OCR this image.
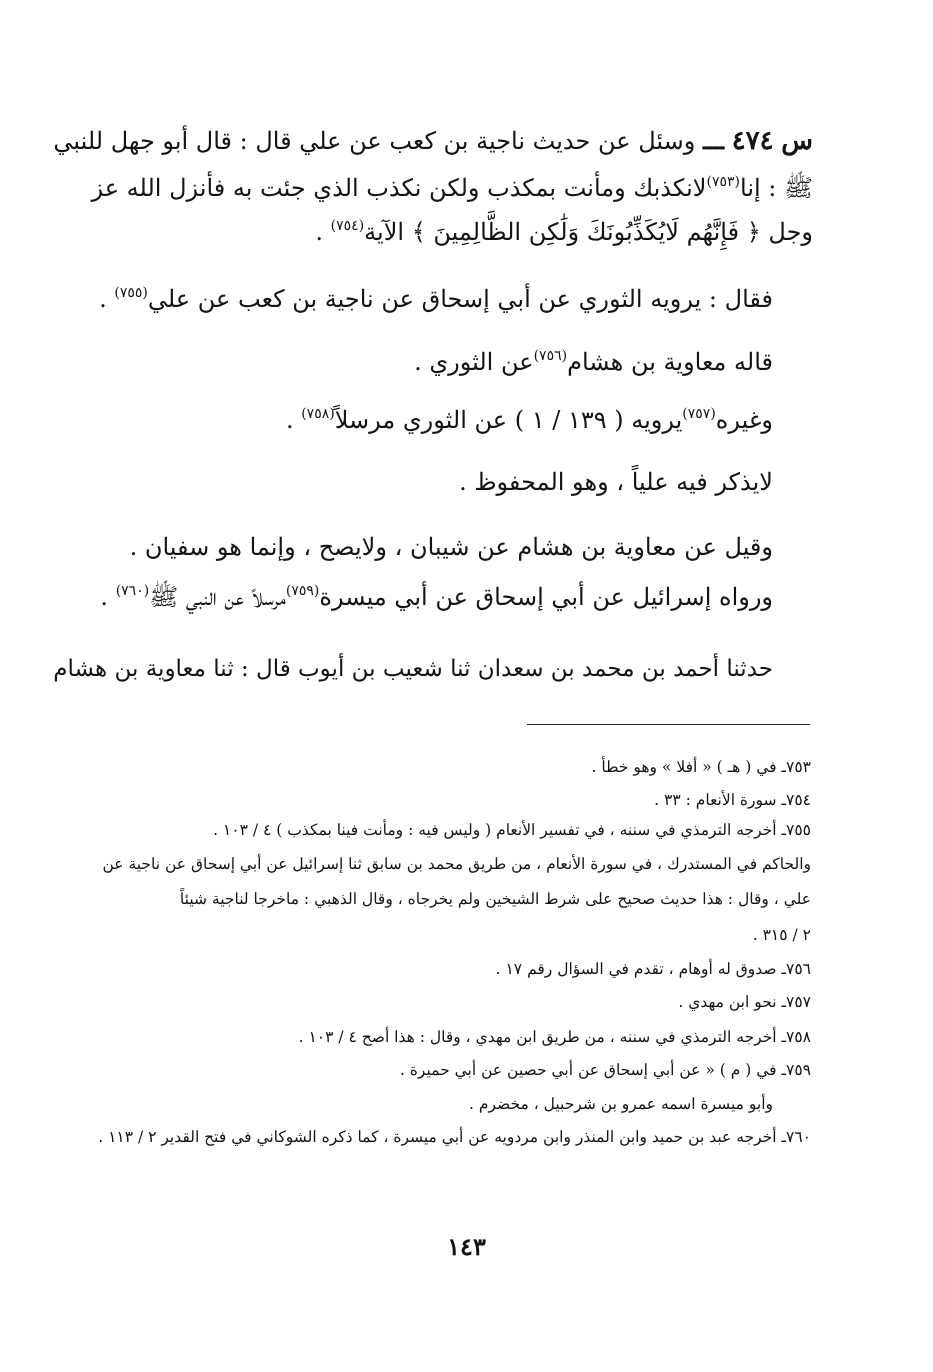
س ٤٧٤ ـــ وسئل عن حديث ناجية بن كعب عن علي قال : قال أبو جهل للنبي
ﷺ : إنا$^{(٧٥٣)}$لانكذبك ومأنت بمكذب ولكن نكذب الذي جئت به فأنزل الله عز
وجل ﴿ فَإِنَّهُم لَايُكَذِّبُونَكَ وَلَٰكِن الظَّالِمِينَ ﴾ الآية$^{(٧٥٤)}$ .
فقال : يرويه الثوري عن أبي إسحاق عن ناجية بن كعب عن علي$^{(٧٥٥)}$ .
قاله معاوية بن هشام$^{(٧٥٦)}$عن الثوري .
وغيره$^{(٧٥٧)}$يرويه ( ١٣٩ / ١ ) عن الثوري مرسلاً$^{(٧٥٨)}$ .
لايذكر فيه علياً ، وهو المحفوظ .
وقيل عن معاوية بن هشام عن شيبان ، ولايصح ، وإنما هو سفيان .
ورواه إسرائيل عن أبي إسحاق عن أبي ميسرة$^{(٧٥٩)}$مرسلاً عن النبي ﷺ$^{(٧٦٠)}$ .
حدثنا أحمد بن محمد بن سعدان ثنا شعيب بن أيوب قال : ثنا معاوية بن هشام
٧٥٣ـ في ( هـ ) « أفلا » وهو خطأ .
٧٥٤ـ سورة الأنعام : ٣٣ .
٧٥٥ـ أخرجه الترمذي في سننه ، في تفسير الأنعام ( وليس فيه : ومأنت فينا بمكذب ) ٤ / ١٠٣ .
والحاكم في المستدرك ، في سورة الأنعام ، من طريق محمد بن سابق ثنا إسرائيل عن أبي إسحاق عن ناجية عن
علي ، وقال : هذا حديث صحيح على شرط الشيخين ولم يخرجاه ، وقال الذهبي : ماخرجا لناجية شيئاً
٢ / ٣١٥ .
٧٥٦ـ صدوق له أوهام ، تقدم في السؤال رقم ١٧ .
٧٥٧ـ نحو ابن مهدي .
٧٥٨ـ أخرجه الترمذي في سننه ، من طريق ابن مهدي ، وقال : هذا أصح ٤ / ١٠٣ .
٧٥٩ـ في ( م ) « عن أبي إسحاق عن أبي حصين عن أبي حميرة .
وأبو ميسرة اسمه عمرو بن شرحبيل ، مخضرم .
٧٦٠ـ أخرجه عبد بن حميد وابن المنذر وابن مردويه عن أبي ميسرة ، كما ذكره الشوكاني في فتح القدير ٢ / ١١٣ .
١٤٣
